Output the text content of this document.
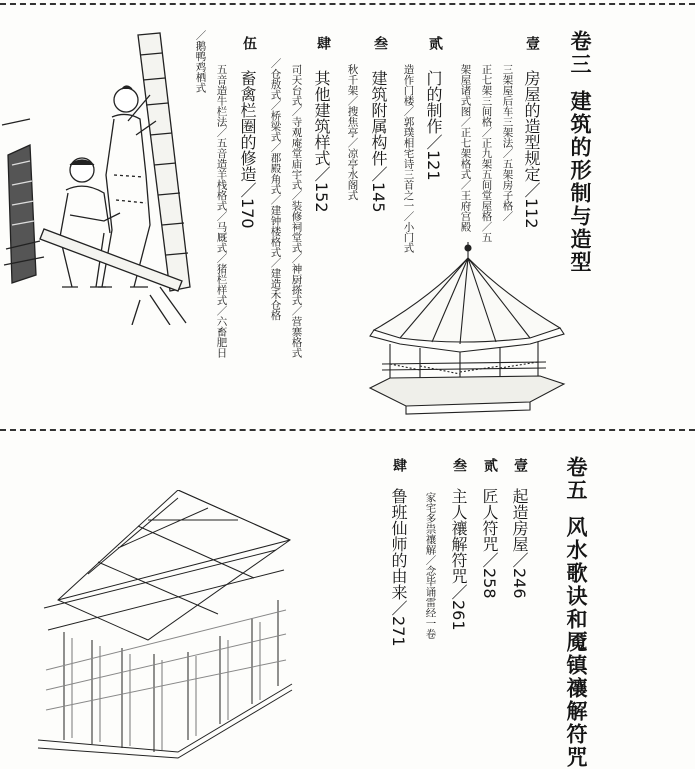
卷三建筑的形制与造型
壹
房屋的造型规定／112
三架屋后车三架法／五架房子格／
正七架三间格／正九架五间堂屋格／五
架屋诸式图／正七架格式／王府宫殿
贰
门的制作／121
造作门楼／郭璞相宅诗三首之一／小门式
叁
建筑附属构件／145
秋千架／搜焦亭／凉亭水阁式
肆
其他建筑样式／152
司天台式／寺观庵堂庙宇式／装修祠堂式／神厨搽式／营寨格式
／仓敖式／桥梁式／郡殿角式／建钟楼格式／建造禾仓格
伍
畜禽栏圈的修造／170
五音造牛栏法／五音造羊栈格式／马厩式／猪栏样式／六畜肥日
／鹅鸭鸡栖式
卷五风水歌诀和魇镇禳解符咒
壹
起造房屋／246
贰
匠人符咒／258
叁
主人禳解符咒／261
家宅多祟禳解／念毕诵雷经一卷
肆
鲁班仙师的由来／271
